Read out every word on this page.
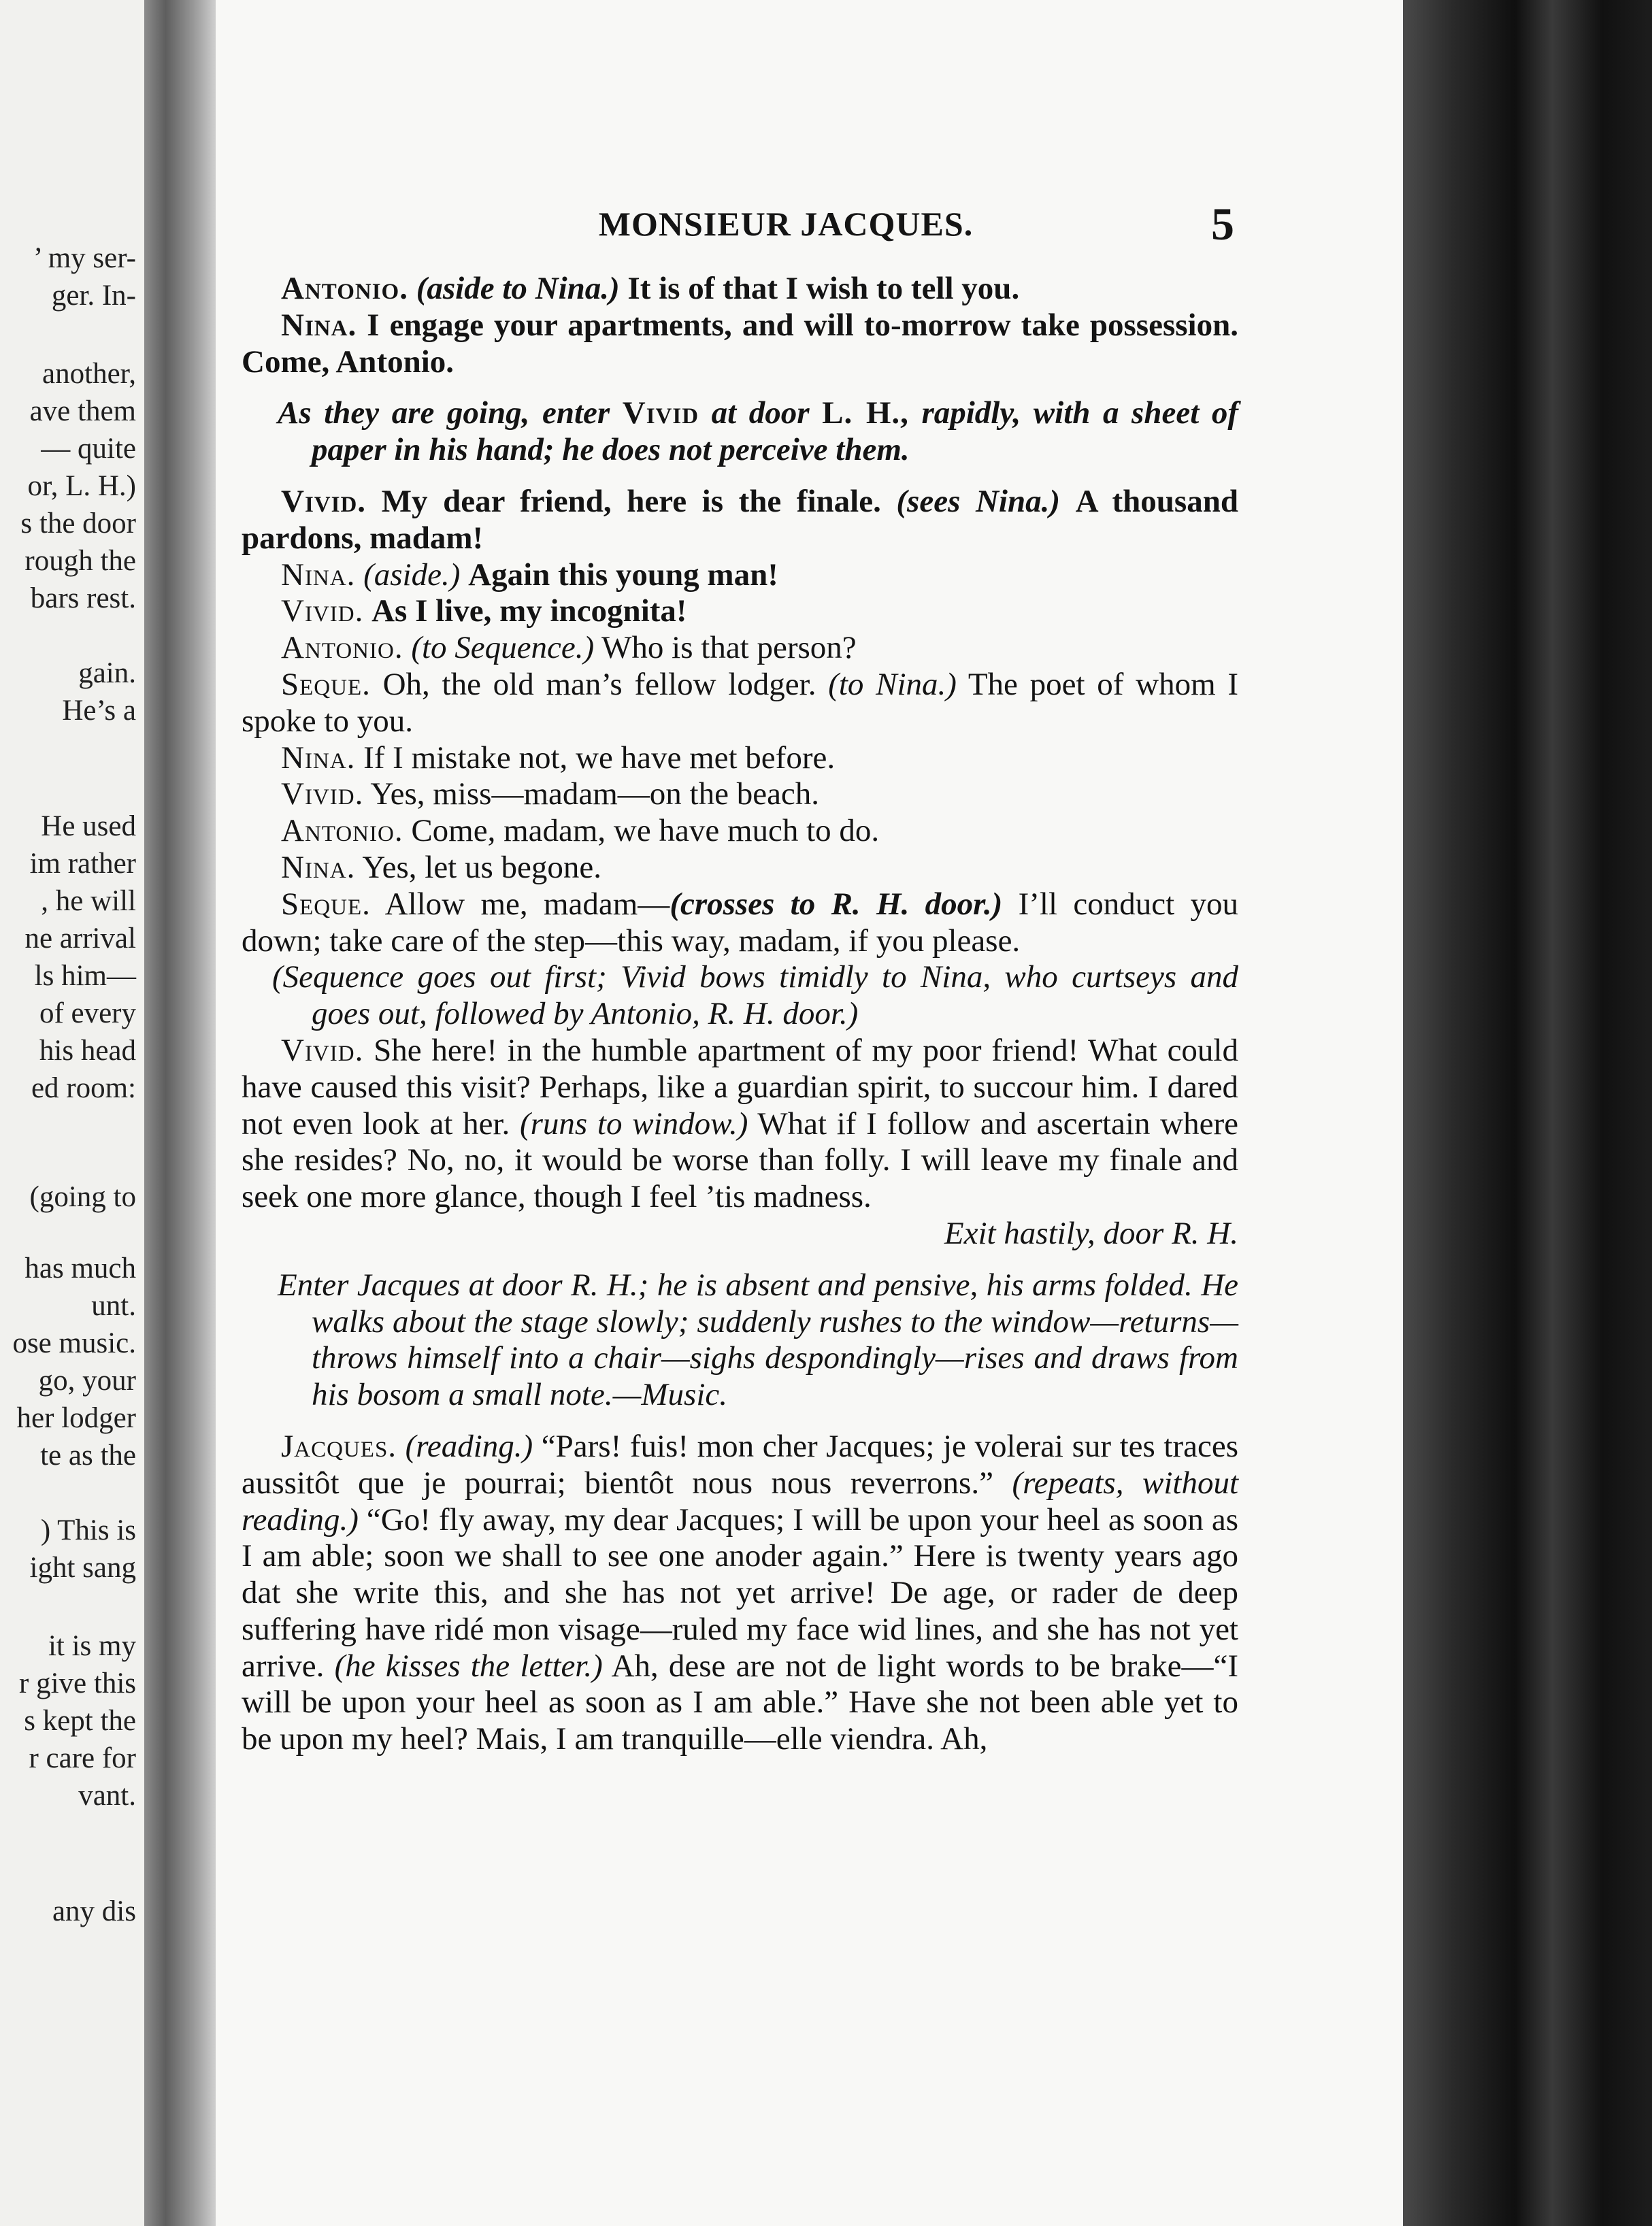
’ my ser-
ger. In-
another,
ave them
— quite
or, L. H.)
s the door
rough the
bars rest.
gain.
He’s a
He used
im rather
, he will
ne arrival
ls him—
of every
his head
ed room:
(going to
has much
unt.
ose music.
go, your
her lodger
te as the
) This is
ight sang
it is my
r give this
s kept the
r care for
vant.
any dis
MONSIEUR JACQUES.	5

Antonio. (aside to Nina.) It is of that I wish to tell you.

Nina. I engage your apartments, and will to-morrow take possession. Come, Antonio.

As they are going, enter Vivid at door L. H., rapidly, with a sheet of paper in his hand; he does not perceive them.

Vivid. My dear friend, here is the finale. (sees Nina.) A thousand pardons, madam!

Nina. (aside.) Again this young man!

Vivid. As I live, my incognita!

Antonio. (to Sequence.) Who is that person?

Seque. Oh, the old man’s fellow lodger. (to Nina.) The poet of whom I spoke to you.

Nina. If I mistake not, we have met before.

Vivid. Yes, miss—madam—on the beach.

Antonio. Come, madam, we have much to do.

Nina. Yes, let us begone.

Seque. Allow me, madam—(crosses to R. H. door.) I’ll conduct you down; take care of the step—this way, madam, if you please.

(Sequence goes out first; Vivid bows timidly to Nina, who curtseys and goes out, followed by Antonio, R. H. door.)

Vivid. She here! in the humble apartment of my poor friend! What could have caused this visit? Perhaps, like a guardian spirit, to succour him. I dared not even look at her. (runs to window.) What if I follow and ascertain where she resides? No, no, it would be worse than folly. I will leave my finale and seek one more glance, though I feel ’tis madness.

Exit hastily, door R. H.

Enter Jacques at door R. H.; he is absent and pensive, his arms folded. He walks about the stage slowly; suddenly rushes to the window—returns—throws himself into a chair—sighs despondingly—rises and draws from his bosom a small note.—Music.

Jacques. (reading.) “Pars! fuis! mon cher Jacques; je volerai sur tes traces aussitôt que je pourrai; bientôt nous nous reverrons.” (repeats, without reading.) “Go! fly away, my dear Jacques; I will be upon your heel as soon as I am able; soon we shall to see one anoder again.” Here is twenty years ago dat she write this, and she has not yet arrive! De age, or rader de deep suffering have ridé mon visage—ruled my face wid lines, and she has not yet arrive. (he kisses the letter.) Ah, dese are not de light words to be brake—“I will be upon your heel as soon as I am able.” Have she not been able yet to be upon my heel? Mais, I am tranquille—elle viendra. Ah,
